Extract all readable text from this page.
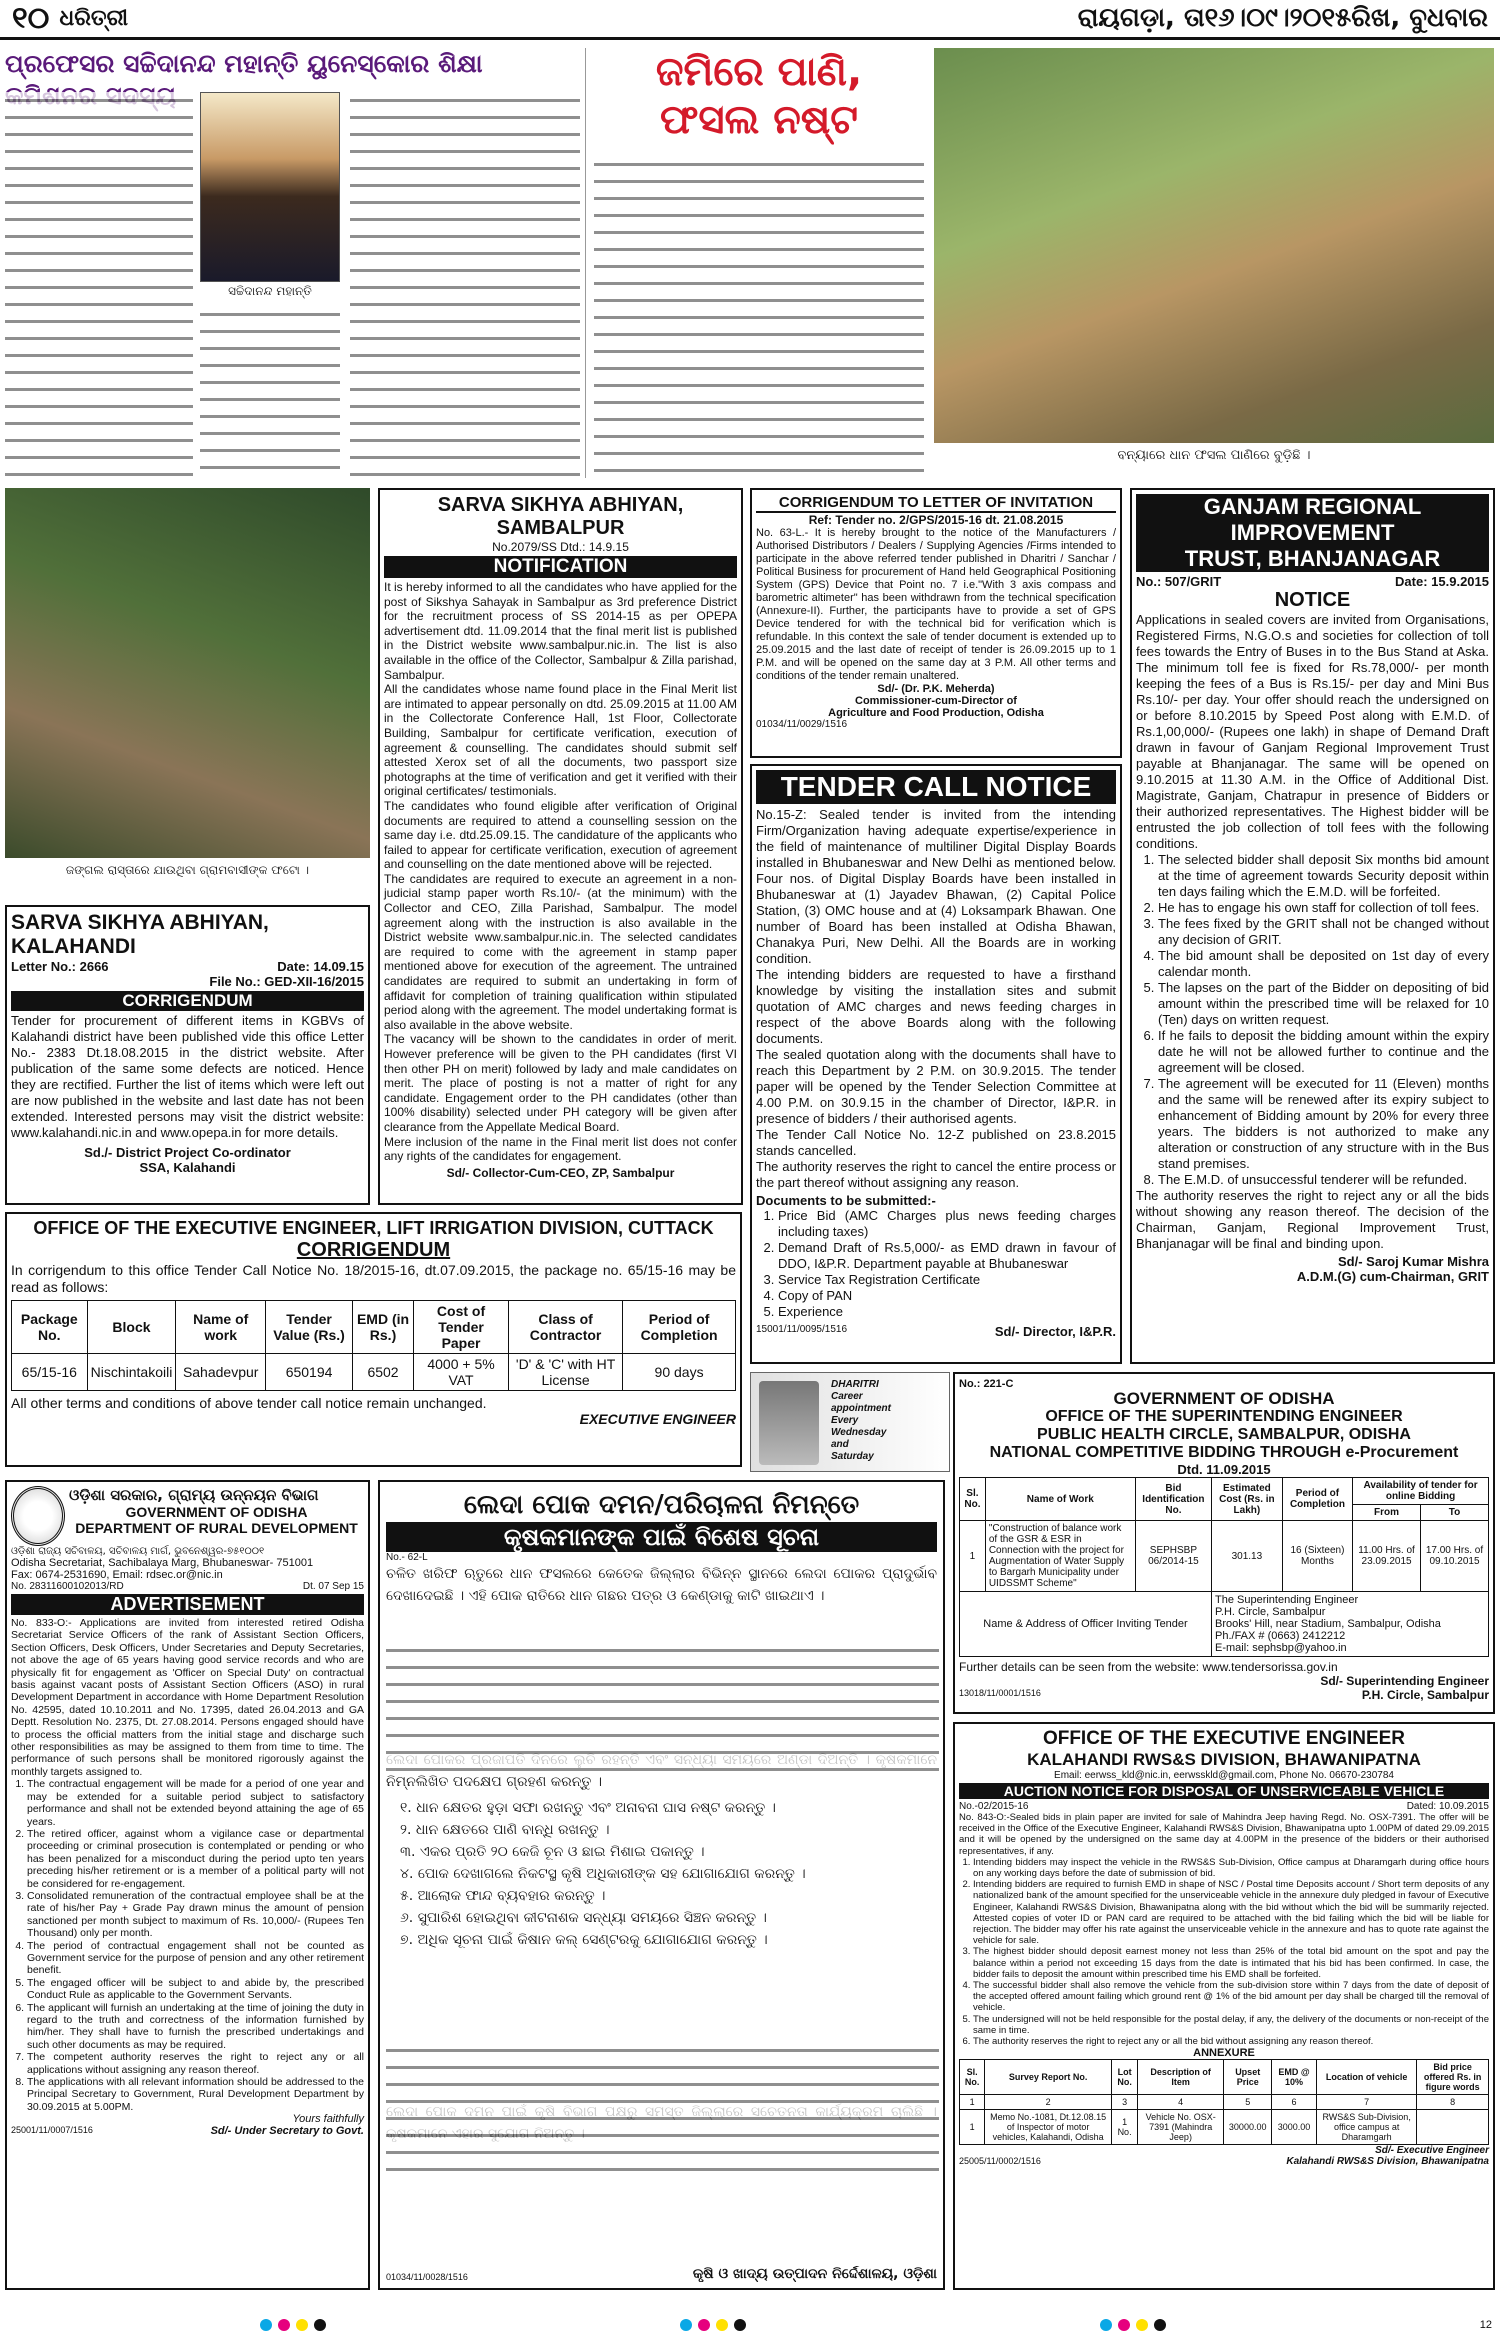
୧୦ ଧରିତ୍ରୀ	ରାୟଗଡ଼ା, ତା୧୬।୦୯।୨୦୧୫ରିଖ, ବୁଧବାର
ପ୍ରଫେସର ସଚ୍ଚିଦାନନ୍ଦ ମହାନ୍ତି ୟୁନେସ୍କୋର ଶିକ୍ଷା
ସଚ୍ଚିଦାନନ୍ଦ ମହାନ୍ତି
ଜମିରେ ପାଣି,
ଫସଲ ନଷ୍ଟ
ବନ୍ୟାରେ ଧାନ ଫସଲ ପାଣିରେ ବୁଡ଼ିଛି ।
ଜଙ୍ଗଲ ରାସ୍ତାରେ ଯାଉଥିବା ଗ୍ରାମବାସୀଙ୍କ ଫଟୋ ।
SARVA SIKHYA ABHIYAN, KALAHANDI
Letter No.: 2666	Date: 14.09.15
File No.: GED-XII-16/2015
CORRIGENDUM

Tender for procurement of different items in KGBVs of Kalahandi district have been published vide this office Letter No.- 2383 Dt.18.08.2015 in the district website. After publication of the same some defects are noticed. Hence they are rectified. Further the list of items which were left out are now published in the website and last date has not been extended. Interested persons may visit the district website: www.kalahandi.nic.in and www.opepa.in for more details.

Sd./- District Project Co-ordinator
SSA, Kalahandi
SARVA SIKHYA ABHIYAN, SAMBALPUR
No.2079/SS Dtd.: 14.9.15
NOTIFICATION

It is hereby informed to all the candidates who have applied for the post of Sikshya Sahayak in Sambalpur as 3rd preference District for the recruitment process of SS 2014-15 as per OPEPA advertisement dtd. 11.09.2014 that the final merit list is published in the District website www.sambalpur.nic.in. The list is also available in the office of the Collector, Sambalpur & Zilla parishad, Sambalpur.

All the candidates whose name found place in the Final Merit list are intimated to appear personally on dtd. 25.09.2015 at 11.00 AM in the Collectorate Conference Hall, 1st Floor, Collectorate Building, Sambalpur for certificate verification, execution of agreement & counselling. The candidates should submit self attested Xerox set of all the documents, two passport size photographs at the time of verification and get it verified with their original certificates/ testimonials.

The candidates who found eligible after verification of Original documents are required to attend a counselling session on the same day i.e. dtd.25.09.15. The candidature of the applicants who failed to appear for certificate verification, execution of agreement and counselling on the date mentioned above will be rejected.

The candidates are required to execute an agreement in a non-judicial stamp paper worth Rs.10/- (at the minimum) with the Collector and CEO, Zilla Parishad, Sambalpur. The model agreement along with the instruction is also available in the District website www.sambalpur.nic.in. The selected candidates are required to come with the agreement in stamp paper mentioned above for execution of the agreement. The untrained candidates are required to submit an undertaking in form of affidavit for completion of training qualification within stipulated period along with the agreement. The model undertaking format is also available in the above website.

The vacancy will be shown to the candidates in order of merit. However preference will be given to the PH candidates (first VI then other PH on merit) followed by lady and male candidates on merit. The place of posting is not a matter of right for any candidate. Engagement order to the PH candidates (other than 100% disability) selected under PH category will be given after clearance from the Appellate Medical Board.

Mere inclusion of the name in the Final merit list does not confer any rights of the candidates for engagement.

Sd/- Collector-Cum-CEO, ZP, Sambalpur
CORRIGENDUM TO LETTER OF INVITATION
Ref: Tender no. 2/GPS/2015-16 dt. 21.08.2015

No. 63-L.- It is hereby brought to the notice of the Manufacturers / Authorised Distributors / Dealers / Supplying Agencies /Firms intended to participate in the above referred tender published in Dharitri / Sanchar / Political Business for procurement of Hand held Geographical Positioning System (GPS) Device that Point no. 7 i.e."With 3 axis compass and barometric altimeter" has been withdrawn from the technical specification (Annexure-II). Further, the participants have to provide a set of GPS Device tendered for with the technical bid for verification which is refundable. In this context the sale of tender document is extended up to 25.09.2015 and the last date of receipt of tender is 26.09.2015 up to 1 P.M. and will be opened on the same day at 3 P.M. All other terms and conditions of the tender remain unaltered.

Sd/- (Dr. P.K. Meherda)
Commissioner-cum-Director of
Agriculture and Food Production, Odisha
01034/11/0029/1516
TENDER CALL NOTICE

No.15-Z: Sealed tender is invited from the intending Firm/Organization having adequate expertise/experience in the field of maintenance of multiliner Digital Display Boards installed in Bhubaneswar and New Delhi as mentioned below. Four nos. of Digital Display Boards have been installed in Bhubaneswar at (1) Jayadev Bhawan, (2) Capital Police Station, (3) OMC house and at (4) Loksampark Bhawan. One number of Board has been installed at Odisha Bhawan, Chanakya Puri, New Delhi. All the Boards are in working condition.

The intending bidders are requested to have a firsthand knowledge by visiting the installation sites and submit quotation of AMC charges and news feeding charges in respect of the above Boards along with the following documents.

The sealed quotation along with the documents shall have to reach this Department by 2 P.M. on 30.9.2015. The tender paper will be opened by the Tender Selection Committee at 4.00 P.M. on 30.9.15 in the chamber of Director, I&P.R. in presence of bidders / their authorised agents.

The Tender Call Notice No. 12-Z published on 23.8.2015 stands cancelled.

The authority reserves the right to cancel the entire process or the part thereof without assigning any reason.

Documents to be submitted:-
1. Price Bid (AMC Charges plus news feeding charges including taxes)
2. Demand Draft of Rs.5,000/- as EMD drawn in favour of DDO, I&P.R. Department payable at Bhubaneswar
3. Service Tax Registration Certificate
4. Copy of PAN
5. Experience
15001/11/0095/1516	Sd/- Director, I&P.R.
GANJAM REGIONAL IMPROVEMENT
TRUST, BHANJANAGAR
No.: 507/GRIT	Date: 15.9.2015
NOTICE

Applications in sealed covers are invited from Organisations, Registered Firms, N.G.O.s and societies for collection of toll fees towards the Entry of Buses in to the Bus Stand at Aska. The minimum toll fee is fixed for Rs.78,000/- per month keeping the fees of a Bus is Rs.15/- per day and Mini Bus Rs.10/- per day. Your offer should reach the undersigned on or before 8.10.2015 by Speed Post along with E.M.D. of Rs.1,00,000/- (Rupees one lakh) in shape of Demand Draft drawn in favour of Ganjam Regional Improvement Trust payable at Bhanjanagar. The same will be opened on 9.10.2015 at 11.30 A.M. in the Office of Additional Dist. Magistrate, Ganjam, Chatrapur in presence of Bidders or their authorized representatives. The Highest bidder will be entrusted the job collection of toll fees with the following conditions.

1. The selected bidder shall deposit Six months bid amount at the time of agreement towards Security deposit within ten days failing which the E.M.D. will be forfeited.
2. He has to engage his own staff for collection of toll fees.
3. The fees fixed by the GRIT shall not be changed without any decision of GRIT.
4. The bid amount shall be deposited on 1st day of every calendar month.
5. The lapses on the part of the Bidder on depositing of bid amount within the prescribed time will be relaxed for 10 (Ten) days on written request.
6. If he fails to deposit the bidding amount within the expiry date he will not be allowed further to continue and the agreement will be closed.
7. The agreement will be executed for 11 (Eleven) months and the same will be renewed after its expiry subject to enhancement of Bidding amount by 20% for every three years. The bidders is not authorized to make any alteration or construction of any structure with in the Bus stand premises.
8. The E.M.D. of unsuccessful tenderer will be refunded.

The authority reserves the right to reject any or all the bids without showing any reason thereof. The decision of the Chairman, Ganjam, Regional Improvement Trust, Bhanjanagar will be final and binding upon.

Sd/- Saroj Kumar Mishra
A.D.M.(G) cum-Chairman, GRIT
OFFICE OF THE EXECUTIVE ENGINEER, LIFT IRRIGATION DIVISION, CUTTACK
CORRIGENDUM

In corrigendum to this office Tender Call Notice No. 18/2015-16, dt.07.09.2015, the package no. 65/15-16 may be read as follows:

Package No.	Block	Name of work	Tender Value (Rs.)	EMD (in Rs.)	Cost of Tender Paper	Class of Contractor	Period of Completion
65/15-16	Nischintakoili	Sahadevpur	650194	6502	4000 + 5% VAT	'D' & 'C' with HT License	90 days

All other terms and conditions of above tender call notice remain unchanged.

EXECUTIVE ENGINEER
DHARITRI
Career
appointment
Every
Wednesday
and
Saturday
No.: 221-C
GOVERNMENT OF ODISHA
OFFICE OF THE SUPERINTENDING ENGINEER
PUBLIC HEALTH CIRCLE, SAMBALPUR, ODISHA
NATIONAL COMPETITIVE BIDDING THROUGH e-Procurement
Dtd. 11.09.2015
Sl. No.	Name of Work	Bid Identification No.	Estimated Cost (Rs. in Lakh)	Period of Completion	Availability of tender for online Bidding	
					From	To
1	"Construction of balance work of the GSR & ESR in Connection with the project for Augmentation of Water Supply to Bargarh Municipality under UIDSSMT Scheme"	SEPHSBP 06/2014-15	301.13	16 (Sixteen) Months	11.00 Hrs. of 23.09.2015	17.00 Hrs. of 09.10.2015
Name & Address of Officer Inviting Tender			The Superintending Engineer
P.H. Circle, Sambalpur
Brooks' Hill, near Stadium, Sambalpur, Odisha
Ph./FAX # (0663) 2412212
E-mail: sephsbp@yahoo.in			
Further details can be seen from the website: www.tendersorissa.gov.in
Sd/- Superintending Engineer
13018/11/0001/1516	P.H. Circle, Sambalpur
ଓଡ଼ିଶା ସରକାର, ଗ୍ରାମ୍ୟ ଉନ୍ନୟନ ବିଭାଗ
GOVERNMENT OF ODISHA
DEPARTMENT OF RURAL DEVELOPMENT
ଓଡ଼ିଶା ରାଜ୍ୟ ସଚିବାଳୟ, ସଚିବାଳୟ ମାର୍ଗ, ଭୁବନେଶ୍ୱର-୭୫୧୦୦୧
Odisha Secretariat, Sachibalaya Marg, Bhubaneswar- 751001
Fax: 0674-2531690, Email: rdsec.or@nic.in
No. 28311600102013/RD	Dt. 07 Sep 15
ADVERTISEMENT

No. 833-O:- Applications are invited from interested retired Odisha Secretariat Service Officers of the rank of Assistant Section Officers, Section Officers, Desk Officers, Under Secretaries and Deputy Secretaries, not above the age of 65 years having good service records and who are physically fit for engagement as 'Officer on Special Duty' on contractual basis against vacant posts of Assistant Section Officers (ASO) in rural Development Department in accordance with Home Department Resolution No. 42595, dated 10.10.2011 and No. 17395, dated 26.04.2013 and GA Deptt. Resolution No. 2375, Dt. 27.08.2014. Persons engaged should have to process the official matters from the initial stage and discharge such other responsibilities as may be assigned to them from time to time. The performance of such persons shall be monitored rigorously against the monthly targets assigned to.

1. The contractual engagement will be made for a period of one year and may be extended for a suitable period subject to satisfactory performance and shall not be extended beyond attaining the age of 65 years.
2. The retired officer, against whom a vigilance case or departmental proceeding or criminal prosecution is contemplated or pending or who has been penalized for a misconduct during the period upto ten years preceding his/her retirement or is a member of a political party will not be considered for re-engagement.
3. Consolidated remuneration of the contractual employee shall be at the rate of his/her Pay + Grade Pay drawn minus the amount of pension sanctioned per month subject to maximum of Rs. 10,000/- (Rupees Ten Thousand) only per month.
4. The period of contractual engagement shall not be counted as Government service for the purpose of pension and any other retirement benefit.
5. The engaged officer will be subject to and abide by, the prescribed Conduct Rule as applicable to the Government Servants.
6. The applicant will furnish an undertaking at the time of joining the duty in regard to the truth and correctness of the information furnished by him/her. They shall have to furnish the prescribed undertakings and such other documents as may be required.
7. The competent authority reserves the right to reject any or all applications without assigning any reason thereof.
8. The applications with all relevant information should be addressed to the Principal Secretary to Government, Rural Development Department by 30.09.2015 at 5.00PM.
Yours faithfully
25001/11/0007/1516	Sd/- Under Secretary to Govt.
ଲେଦା ପୋକ ଦମନ/ପରିଚାଳନା ନିମନ୍ତେ
କୃଷକମାନଙ୍କ ପାଇଁ ବିଶେଷ ସୂଚନା
No.- 62-L

ଚଳିତ ଖରିଫ ଋତୁରେ ଧାନ ଫସଲରେ କେତେକ ଜିଲ୍ଲାର ବିଭିନ୍ନ ସ୍ଥାନରେ ଲେଦା ପୋକର ପ୍ରାଦୁର୍ଭାବ ଦେଖାଦେଇଛି । ଏହି ପୋକ ରାତିରେ ଧାନ ଗଛର ପତ୍ର ଓ କେଣ୍ଡାକୁ କାଟି ଖାଇଥାଏ ।

ନିମ୍ନଲିଖିତ ପଦକ୍ଷେପ ଗ୍ରହଣ କରନ୍ତୁ ।

୧. ଧାନ କ୍ଷେତର ହୁଡ଼ା ସଫା ରଖନ୍ତୁ ଏବଂ ଅନାବନା ଘାସ ନଷ୍ଟ କରନ୍ତୁ ।
୨. ଧାନ କ୍ଷେତରେ ପାଣି ବାନ୍ଧି ରଖନ୍ତୁ ।
୩. ଏକର ପ୍ରତି ୨୦ କେଜି ଚୂନ ଓ ଛାଇ ମିଶାଇ ପକାନ୍ତୁ ।
୪. ପୋକ ଦେଖାଗଲେ ନିକଟସ୍ଥ କୃଷି ଅଧିକାରୀଙ୍କ ସହ ଯୋଗାଯୋଗ କରନ୍ତୁ ।
୫. ଆଲୋକ ଫାନ୍ଦ ବ୍ୟବହାର କରନ୍ତୁ ।
୬. ସୁପାରିଶ ହୋଇଥିବା କୀଟନାଶକ ସନ୍ଧ୍ୟା ସମୟରେ ସିଞ୍ଚନ କରନ୍ତୁ ।
୭. ଅଧିକ ସୂଚନା ପାଇଁ କିଷାନ କଲ୍ ସେଣ୍ଟରକୁ ଯୋଗାଯୋଗ କରନ୍ତୁ ।

01034/11/0028/1516	କୃଷି ଓ ଖାଦ୍ୟ ଉତ୍ପାଦନ ନିର୍ଦ୍ଦେଶାଳୟ, ଓଡ଼ିଶା
OFFICE OF THE EXECUTIVE ENGINEER
KALAHANDI RWS&S DIVISION, BHAWANIPATNA
Email: eerwss_kld@nic.in, eerwsskld@gmail.com, Phone No. 06670-230784
AUCTION NOTICE FOR DISPOSAL OF UNSERVICEABLE VEHICLE
No.-02/2015-16	Dated: 10.09.2015

No. 843-O:-Sealed bids in plain paper are invited for sale of Mahindra Jeep having Regd. No. OSX-7391. The offer will be received in the Office of the Executive Engineer, Kalahandi RWS&S Division, Bhawanipatna upto 1.00PM of dated 29.09.2015 and it will be opened by the undersigned on the same day at 4.00PM in the presence of the bidders or their authorised representatives, if any.

1. Intending bidders may inspect the vehicle in the RWS&S Sub-Division, Office campus at Dharamgarh during office hours on any working days before the date of submission of bid.
2. Intending bidders are required to furnish EMD in shape of NSC / Postal time Deposits account / Short term deposits of any nationalized bank of the amount specified for the unserviceable vehicle in the annexure duly pledged in favour of Executive Engineer, Kalahandi RWS&S Division, Bhawanipatna along with the bid without which the bid will be summarily rejected. Attested copies of voter ID or PAN card are required to be attached with the bid failing which the bid will be liable for rejection. The bidder may offer his rate against the unserviceable vehicle in the annexure and has to quote rate against the vehicle for sale.
3. The highest bidder should deposit earnest money not less than 25% of the total bid amount on the spot and pay the balance within a period not exceeding 15 days from the date is intimated that his bid has been confirmed. In case, the bidder fails to deposit the amount within prescribed time his EMD shall be forfeited.
4. The successful bidder shall also remove the vehicle from the sub-division store within 7 days from the date of deposit of the accepted offered amount failing which ground rent @ 1% of the bid amount per day shall be charged till the removal of vehicle.
5. The undersigned will not be held responsible for the postal delay, if any, the delivery of the documents or non-receipt of the same in time.
6. The authority reserves the right to reject any or all the bid without assigning any reason thereof.
ANNEXURE
Sl. No.	Survey Report No.	Lot No.	Description of Item	Upset Price	EMD @ 10%	Location of vehicle	Bid price offered Rs. in figure words
1	2	3	4	5	6	7	8
1	Memo No.-1081, Dt.12.08.15 of Inspector of motor vehicles, Kalahandi, Odisha	1 No.	Vehicle No. OSX-7391 (Mahindra Jeep)	30000.00	3000.00	RWS&S Sub-Division, office campus at Dharamgarh	
Sd/- Executive Engineer
25005/11/0002/1516	Kalahandi RWS&S Division, Bhawanipatna
12
